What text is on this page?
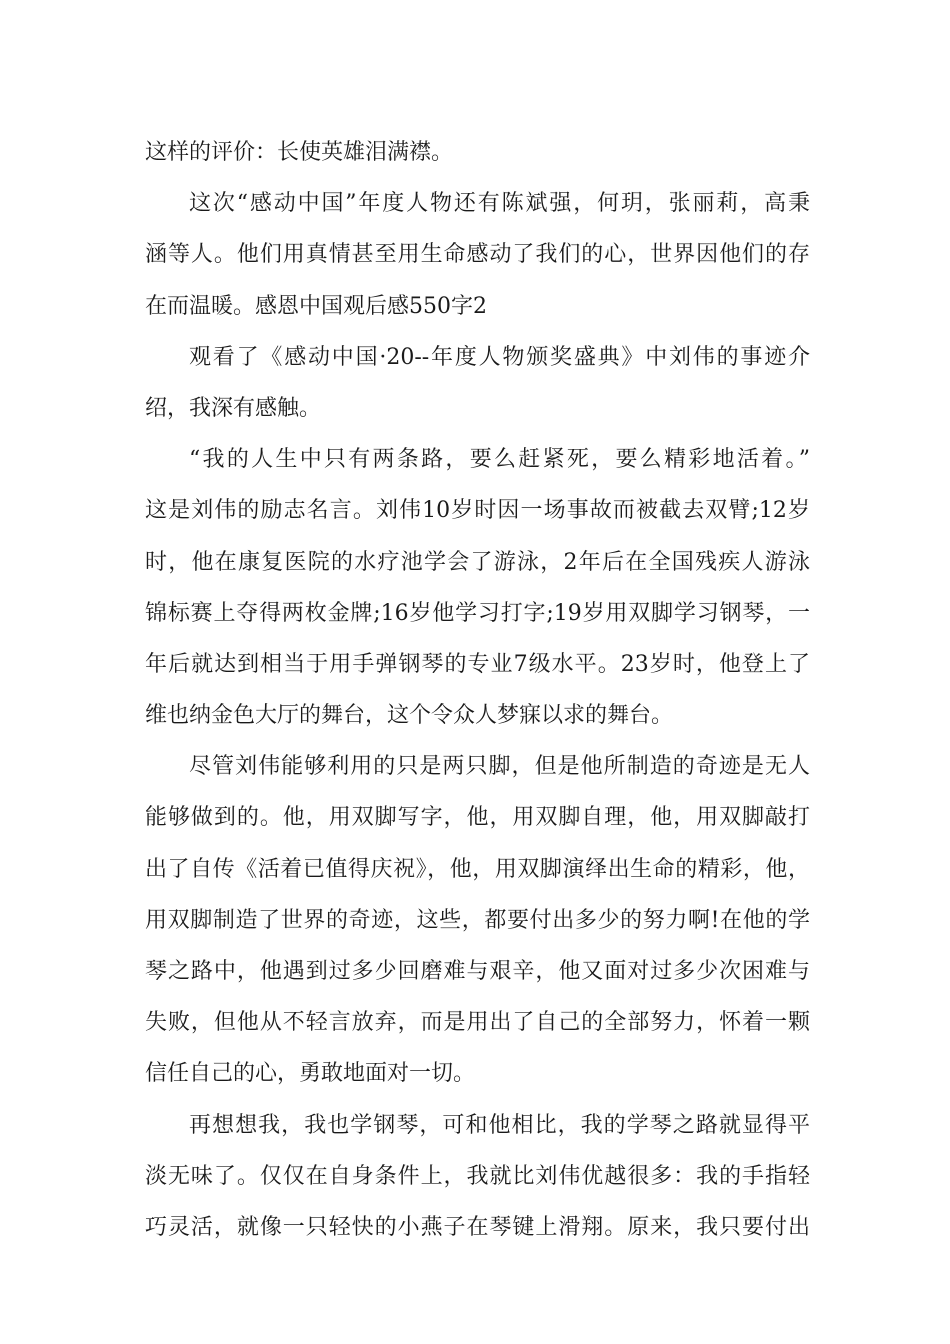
这样的评价：长使英雄泪满襟。
这次“感动中国”年度人物还有陈斌强，何玥，张丽莉，高秉
涵等人。他们用真情甚至用生命感动了我们的心，世界因他们的存
在而温暖。感恩中国观后感550字2
观看了《感动中国·20--年度人物颁奖盛典》中刘伟的事迹介
绍，我深有感触。
“我的人生中只有两条路，要么赶紧死，要么精彩地活着。”
这是刘伟的励志名言。刘伟10岁时因一场事故而被截去双臂;12岁
时，他在康复医院的水疗池学会了游泳，2年后在全国残疾人游泳
锦标赛上夺得两枚金牌;16岁他学习打字;19岁用双脚学习钢琴，一
年后就达到相当于用手弹钢琴的专业7级水平。23岁时，他登上了
维也纳金色大厅的舞台，这个令众人梦寐以求的舞台。
尽管刘伟能够利用的只是两只脚，但是他所制造的奇迹是无人
能够做到的。他，用双脚写字，他，用双脚自理，他，用双脚敲打
出了自传《活着已值得庆祝》，他，用双脚演绎出生命的精彩，他，
用双脚制造了世界的奇迹，这些，都要付出多少的努力啊!在他的学
琴之路中，他遇到过多少回磨难与艰辛，他又面对过多少次困难与
失败，但他从不轻言放弃，而是用出了自己的全部努力，怀着一颗
信任自己的心，勇敢地面对一切。
再想想我，我也学钢琴，可和他相比，我的学琴之路就显得平
淡无味了。仅仅在自身条件上，我就比刘伟优越很多：我的手指轻
巧灵活，就像一只轻快的小燕子在琴键上滑翔。原来，我只要付出
